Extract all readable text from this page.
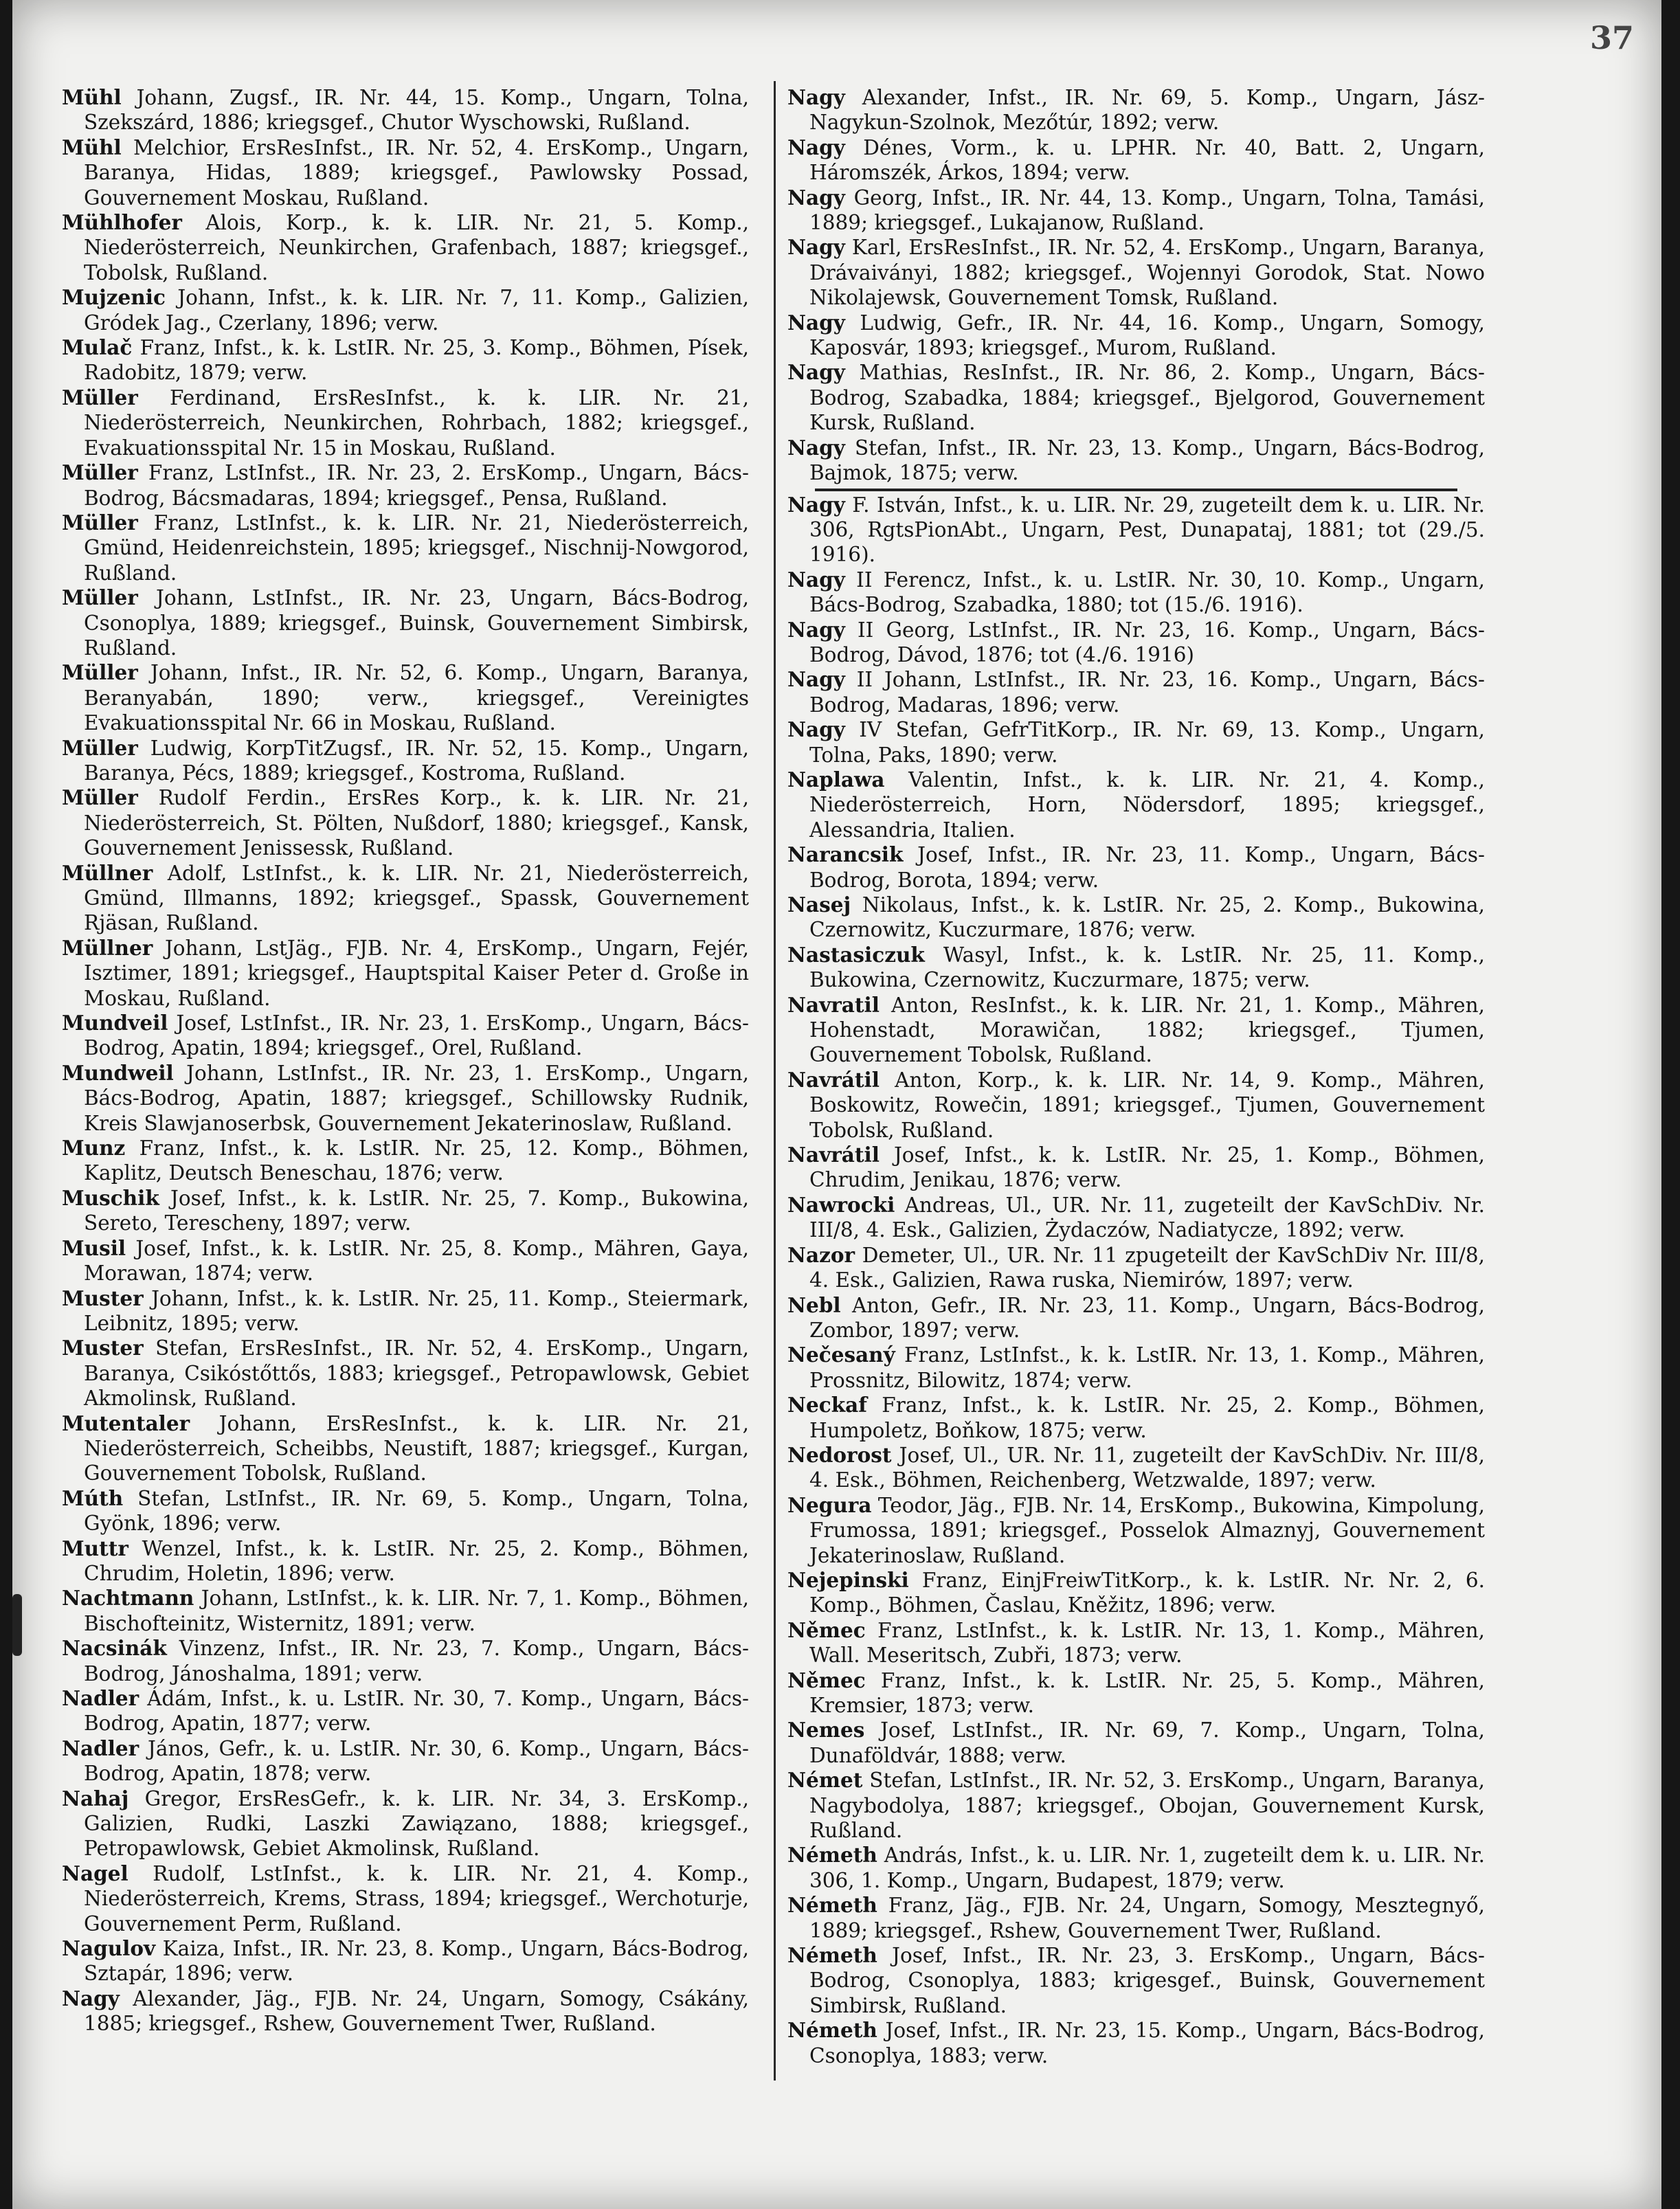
37

Mühl Johann, Zugsf., IR. Nr. 44, 15. Komp., Ungarn, Tolna, Szekszárd, 1886; kriegsgef., Chutor Wyschowski, Rußland.

Mühl Melchior, ErsResInfst., IR. Nr. 52, 4. ErsKomp., Ungarn, Baranya, Hidas, 1889; kriegsgef., Pawlowsky Possad, Gouvernement Moskau, Rußland.

Mühlhofer Alois, Korp., k. k. LIR. Nr. 21, 5. Komp., Niederösterreich, Neunkirchen, Grafenbach, 1887; kriegsgef., Tobolsk, Rußland.

Mujzenic Johann, Infst., k. k. LIR. Nr. 7, 11. Komp., Galizien, Gródek Jag., Czerlany, 1896; verw.

Mulač Franz, Infst., k. k. LstIR. Nr. 25, 3. Komp., Böhmen, Písek, Radobitz, 1879; verw.

Müller Ferdinand, ErsResInfst., k. k. LIR. Nr. 21, Niederösterreich, Neunkirchen, Rohrbach, 1882; kriegsgef., Evakuationsspital Nr. 15 in Moskau, Rußland.

Müller Franz, LstInfst., IR. Nr. 23, 2. ErsKomp., Ungarn, Bács-Bodrog, Bácsmadaras, 1894; kriegsgef., Pensa, Rußland.

Müller Franz, LstInfst., k. k. LIR. Nr. 21, Niederösterreich, Gmünd, Heidenreichstein, 1895; kriegsgef., Nischnij-Nowgorod, Rußland.

Müller Johann, LstInfst., IR. Nr. 23, Ungarn, Bács-Bodrog, Csonoplya, 1889; kriegsgef., Buinsk, Gouvernement Simbirsk, Rußland.

Müller Johann, Infst., IR. Nr. 52, 6. Komp., Ungarn, Baranya, Beranyabán, 1890; verw., kriegsgef., Vereinigtes Evakuationsspital Nr. 66 in Moskau, Rußland.

Müller Ludwig, KorpTitZugsf., IR. Nr. 52, 15. Komp., Ungarn, Baranya, Pécs, 1889; kriegsgef., Kostroma, Rußland.

Müller Rudolf Ferdin., ErsRes Korp., k. k. LIR. Nr. 21, Niederösterreich, St. Pölten, Nußdorf, 1880; kriegsgef., Kansk, Gouvernement Jenissessk, Rußland.

Müllner Adolf, LstInfst., k. k. LIR. Nr. 21, Niederösterreich, Gmünd, Illmanns, 1892; kriegsgef., Spassk, Gouvernement Rjäsan, Rußland.

Müllner Johann, LstJäg., FJB. Nr. 4, ErsKomp., Ungarn, Fejér, Isztimer, 1891; kriegsgef., Hauptspital Kaiser Peter d. Große in Moskau, Rußland.

Mundveil Josef, LstInfst., IR. Nr. 23, 1. ErsKomp., Ungarn, Bács-Bodrog, Apatin, 1894; kriegsgef., Orel, Rußland.

Mundweil Johann, LstInfst., IR. Nr. 23, 1. ErsKomp., Ungarn, Bács-Bodrog, Apatin, 1887; kriegsgef., Schillowsky Rudnik, Kreis Slawjanoserbsk, Gouvernement Jekaterinoslaw, Rußland.

Munz Franz, Infst., k. k. LstIR. Nr. 25, 12. Komp., Böhmen, Kaplitz, Deutsch Beneschau, 1876; verw.

Muschik Josef, Infst., k. k. LstIR. Nr. 25, 7. Komp., Bukowina, Sereto, Terescheny, 1897; verw.

Musil Josef, Infst., k. k. LstIR. Nr. 25, 8. Komp., Mähren, Gaya, Morawan, 1874; verw.

Muster Johann, Infst., k. k. LstIR. Nr. 25, 11. Komp., Steiermark, Leibnitz, 1895; verw.

Muster Stefan, ErsResInfst., IR. Nr. 52, 4. ErsKomp., Ungarn, Baranya, Csikóstőttős, 1883; kriegsgef., Petropawlowsk, Gebiet Akmolinsk, Rußland.

Mutentaler Johann, ErsResInfst., k. k. LIR. Nr. 21, Niederösterreich, Scheibbs, Neustift, 1887; kriegsgef., Kurgan, Gouvernement Tobolsk, Rußland.

Múth Stefan, LstInfst., IR. Nr. 69, 5. Komp., Ungarn, Tolna, Gyönk, 1896; verw.

Muttr Wenzel, Infst., k. k. LstIR. Nr. 25, 2. Komp., Böhmen, Chrudim, Holetin, 1896; verw.

Nachtmann Johann, LstInfst., k. k. LIR. Nr. 7, 1. Komp., Böhmen, Bischofteinitz, Wisternitz, 1891; verw.

Nacsinák Vinzenz, Infst., IR. Nr. 23, 7. Komp., Ungarn, Bács-Bodrog, Jánoshalma, 1891; verw.

Nadler Ádám, Infst., k. u. LstIR. Nr. 30, 7. Komp., Ungarn, Bács-Bodrog, Apatin, 1877; verw.

Nadler János, Gefr., k. u. LstIR. Nr. 30, 6. Komp., Ungarn, Bács-Bodrog, Apatin, 1878; verw.

Nahaj Gregor, ErsResGefr., k. k. LIR. Nr. 34, 3. ErsKomp., Galizien, Rudki, Laszki Zawiązano, 1888; kriegsgef., Petropawlowsk, Gebiet Akmolinsk, Rußland.

Nagel Rudolf, LstInfst., k. k. LIR. Nr. 21, 4. Komp., Niederösterreich, Krems, Strass, 1894; kriegsgef., Werchoturje, Gouvernement Perm, Rußland.

Nagulov Kaiza, Infst., IR. Nr. 23, 8. Komp., Ungarn, Bács-Bodrog, Sztapár, 1896; verw.

Nagy Alexander, Jäg., FJB. Nr. 24, Ungarn, Somogy, Csákány, 1885; kriegsgef., Rshew, Gouvernement Twer, Rußland.

Nagy Alexander, Infst., IR. Nr. 69, 5. Komp., Ungarn, Jász-Nagykun-Szolnok, Mezőtúr, 1892; verw.

Nagy Dénes, Vorm., k. u. LPHR. Nr. 40, Batt. 2, Ungarn, Háromszék, Árkos, 1894; verw.

Nagy Georg, Infst., IR. Nr. 44, 13. Komp., Ungarn, Tolna, Tamási, 1889; kriegsgef., Lukajanow, Rußland.

Nagy Karl, ErsResInfst., IR. Nr. 52, 4. ErsKomp., Ungarn, Baranya, Drávaiványi, 1882; kriegsgef., Wojennyi Gorodok, Stat. Nowo Nikolajewsk, Gouvernement Tomsk, Rußland.

Nagy Ludwig, Gefr., IR. Nr. 44, 16. Komp., Ungarn, Somogy, Kaposvár, 1893; kriegsgef., Murom, Rußland.

Nagy Mathias, ResInfst., IR. Nr. 86, 2. Komp., Ungarn, Bács-Bodrog, Szabadka, 1884; kriegsgef., Bjelgorod, Gouvernement Kursk, Rußland.

Nagy Stefan, Infst., IR. Nr. 23, 13. Komp., Ungarn, Bács-Bodrog, Bajmok, 1875; verw.

Nagy F. István, Infst., k. u. LIR. Nr. 29, zugeteilt dem k. u. LIR. Nr. 306, RgtsPionAbt., Ungarn, Pest, Dunapataj, 1881; tot (29./5. 1916).

Nagy II Ferencz, Infst., k. u. LstIR. Nr. 30, 10. Komp., Ungarn, Bács-Bodrog, Szabadka, 1880; tot (15./6. 1916).

Nagy II Georg, LstInfst., IR. Nr. 23, 16. Komp., Ungarn, Bács-Bodrog, Dávod, 1876; tot (4./6. 1916)

Nagy II Johann, LstInfst., IR. Nr. 23, 16. Komp., Ungarn, Bács-Bodrog, Madaras, 1896; verw.

Nagy IV Stefan, GefrTitKorp., IR. Nr. 69, 13. Komp., Ungarn, Tolna, Paks, 1890; verw.

Naplawa Valentin, Infst., k. k. LIR. Nr. 21, 4. Komp., Niederösterreich, Horn, Nödersdorf, 1895; kriegsgef., Alessandria, Italien.

Narancsik Josef, Infst., IR. Nr. 23, 11. Komp., Ungarn, Bács-Bodrog, Borota, 1894; verw.

Nasej Nikolaus, Infst., k. k. LstIR. Nr. 25, 2. Komp., Bukowina, Czernowitz, Kuczurmare, 1876; verw.

Nastasiczuk Wasyl, Infst., k. k. LstIR. Nr. 25, 11. Komp., Bukowina, Czernowitz, Kuczurmare, 1875; verw.

Navratil Anton, ResInfst., k. k. LIR. Nr. 21, 1. Komp., Mähren, Hohenstadt, Morawičan, 1882; kriegsgef., Tjumen, Gouvernement Tobolsk, Rußland.

Navrátil Anton, Korp., k. k. LIR. Nr. 14, 9. Komp., Mähren, Boskowitz, Rowečin, 1891; kriegsgef., Tjumen, Gouvernement Tobolsk, Rußland.

Navrátil Josef, Infst., k. k. LstIR. Nr. 25, 1. Komp., Böhmen, Chrudim, Jenikau, 1876; verw.

Nawrocki Andreas, Ul., UR. Nr. 11, zugeteilt der KavSchDiv. Nr. III/8, 4. Esk., Galizien, Żydaczów, Nadiatycze, 1892; verw.

Nazor Demeter, Ul., UR. Nr. 11 zpugeteilt der KavSchDiv Nr. III/8, 4. Esk., Galizien, Rawa ruska, Niemirów, 1897; verw.

Nebl Anton, Gefr., IR. Nr. 23, 11. Komp., Ungarn, Bács-Bodrog, Zombor, 1897; verw.

Nečesaný Franz, LstInfst., k. k. LstIR. Nr. 13, 1. Komp., Mähren, Prossnitz, Bilowitz, 1874; verw.

Neckaf Franz, Infst., k. k. LstIR. Nr. 25, 2. Komp., Böhmen, Humpoletz, Boňkow, 1875; verw.

Nedorost Josef, Ul., UR. Nr. 11, zugeteilt der KavSchDiv. Nr. III/8, 4. Esk., Böhmen, Reichenberg, Wetzwalde, 1897; verw.

Negura Teodor, Jäg., FJB. Nr. 14, ErsKomp., Bukowina, Kimpolung, Frumossa, 1891; kriegsgef., Posselok Almaznyj, Gouvernement Jekaterinoslaw, Rußland.

Nejepinski Franz, EinjFreiwTitKorp., k. k. LstIR. Nr. Nr. 2, 6. Komp., Böhmen, Časlau, Kněžitz, 1896; verw.

Němec Franz, LstInfst., k. k. LstIR. Nr. 13, 1. Komp., Mähren, Wall. Meseritsch, Zubři, 1873; verw.

Němec Franz, Infst., k. k. LstIR. Nr. 25, 5. Komp., Mähren, Kremsier, 1873; verw.

Nemes Josef, LstInfst., IR. Nr. 69, 7. Komp., Ungarn, Tolna, Dunaföldvár, 1888; verw.

Német Stefan, LstInfst., IR. Nr. 52, 3. ErsKomp., Ungarn, Baranya, Nagybodolya, 1887; kriegsgef., Obojan, Gouvernement Kursk, Rußland.

Németh András, Infst., k. u. LIR. Nr. 1, zugeteilt dem k. u. LIR. Nr. 306, 1. Komp., Ungarn, Budapest, 1879; verw.

Németh Franz, Jäg., FJB. Nr. 24, Ungarn, Somogy, Mesztegnyő, 1889; kriegsgef., Rshew, Gouvernement Twer, Rußland.

Németh Josef, Infst., IR. Nr. 23, 3. ErsKomp., Ungarn, Bács-Bodrog, Csonoplya, 1883; krigesgef., Buinsk, Gouvernement Simbirsk, Rußland.

Németh Josef, Infst., IR. Nr. 23, 15. Komp., Ungarn, Bács-Bodrog, Csonoplya, 1883; verw.
